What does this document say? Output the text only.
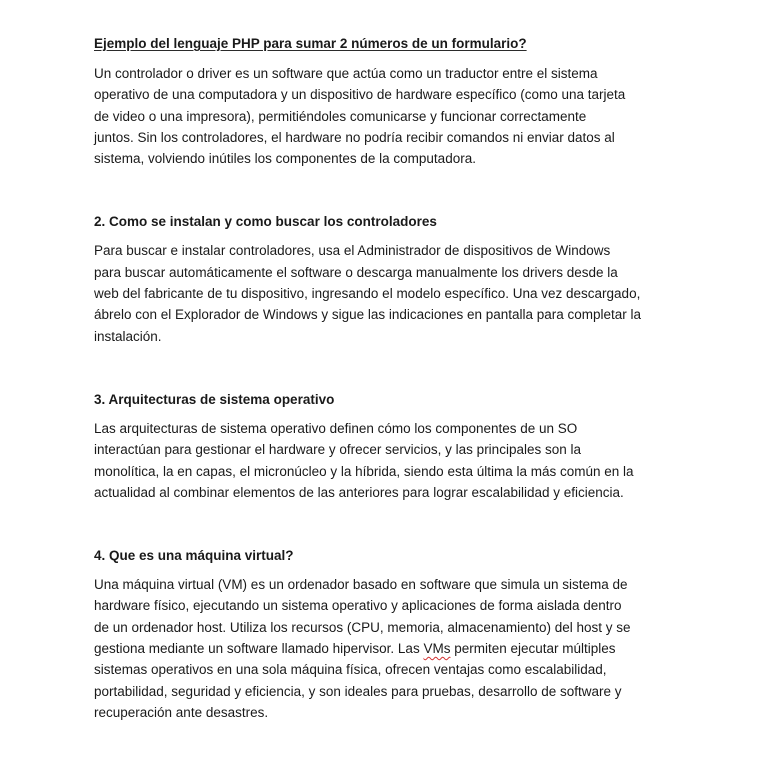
Ejemplo del lenguaje PHP para sumar 2 números de un formulario?
Un controlador o driver es un software que actúa como un traductor entre el sistema
operativo de una computadora y un dispositivo de hardware específico (como una tarjeta
de video o una impresora), permitiéndoles comunicarse y funcionar correctamente
juntos. Sin los controladores, el hardware no podría recibir comandos ni enviar datos al
sistema, volviendo inútiles los componentes de la computadora.
2. Como se instalan y como buscar los controladores
Para buscar e instalar controladores, usa el Administrador de dispositivos de Windows
para buscar automáticamente el software o descarga manualmente los drivers desde la
web del fabricante de tu dispositivo, ingresando el modelo específico. Una vez descargado,
ábrelo con el Explorador de Windows y sigue las indicaciones en pantalla para completar la
instalación.
3. Arquitecturas de sistema operativo
Las arquitecturas de sistema operativo definen cómo los componentes de un SO
interactúan para gestionar el hardware y ofrecer servicios, y las principales son la
monolítica, la en capas, el micronúcleo y la híbrida, siendo esta última la más común en la
actualidad al combinar elementos de las anteriores para lograr escalabilidad y eficiencia.
4. Que es una máquina virtual?
Una máquina virtual (VM) es un ordenador basado en software que simula un sistema de
hardware físico, ejecutando un sistema operativo y aplicaciones de forma aislada dentro
de un ordenador host. Utiliza los recursos (CPU, memoria, almacenamiento) del host y se
gestiona mediante un software llamado hipervisor. Las VMs permiten ejecutar múltiples
sistemas operativos en una sola máquina física, ofrecen ventajas como escalabilidad,
portabilidad, seguridad y eficiencia, y son ideales para pruebas, desarrollo de software y
recuperación ante desastres.
